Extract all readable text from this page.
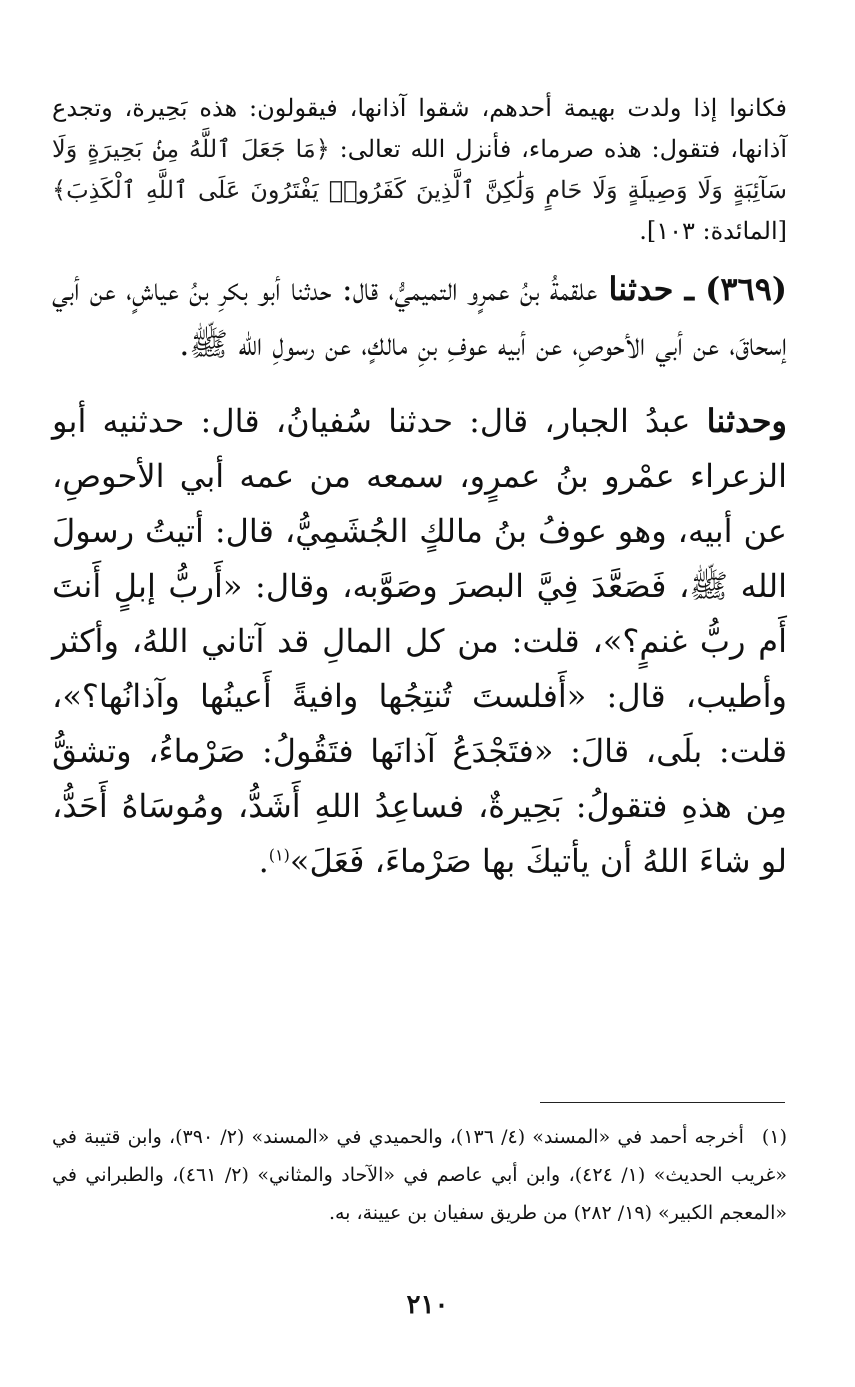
فكانوا إذا ولدت بهيمة أحدهم، شقوا آذانها، فيقولون: هذه بَحِيرة، وتجدع آذانها، فتقول: هذه صرماء، فأنزل الله تعالى: ﴿مَا جَعَلَ ٱللَّهُ مِنۢ بَحِيرَةٍ وَلَا سَآئِبَةٍ وَلَا وَصِيلَةٍ وَلَا حَامٍ وَلَٰكِنَّ ٱلَّذِينَ كَفَرُوا۟ يَفْتَرُونَ عَلَى ٱللَّهِ ٱلْكَذِبَ﴾[المائدة: ١٠٣].

(٣٦٩) ـ حدثنا علقمةُ بنُ عمرٍو التميميُّ، قال: حدثنا أبو بكرِ بنُ عياشٍ، عن أبي إسحاقَ، عن أبي الأحوصِ، عن أبيه عوفِ بنِ مالكٍ، عن رسولِ الله ﷺ.

وحدثنا عبدُ الجبار، قال: حدثنا سُفيانُ، قال: حدثنيه أبو الزعراء عمْرو بنُ عمرٍو، سمعه من عمه أبي الأحوصِ، عن أبيه، وهو عوفُ بنُ مالكٍ الجُشَمِيُّ، قال: أتيتُ رسولَ الله ﷺ، فَصَعَّدَ فِيَّ البصرَ وصَوَّبه، وقال: «أَربُّ إبلٍ أَنتَ أَم ربُّ غنمٍ؟»، قلت: من كل المالِ قد آتاني اللهُ، وأكثر وأطيب، قال: «أَفلستَ تُنتِجُها وافيةً أَعينُها وآذانُها؟»، قلت: بلَى، قالَ: «فتَجْدَعُ آذانَها فتَقُولُ: صَرْماءُ، وتشقُّ مِن هذهِ فتقولُ: بَحِيرةٌ، فساعِدُ اللهِ أَشَدُّ، ومُوسَاهُ أَحَدُّ، لو شاءَ اللهُ أن يأتيكَ بها صَرْماءَ، فَعَلَ»$^{(١)}$.

(١)أخرجه أحمد في «المسند» (٤/ ١٣٦)، والحميدي في «المسند» (٢/ ٣٩٠)، وابن قتيبة في «غريب الحديث» (١/ ٤٢٤)، وابن أبي عاصم في «الآحاد والمثاني» (٢/ ٤٦١)، والطبراني في «المعجم الكبير» (١٩/ ٢٨٢) من طريق سفيان بن عيينة، به.

٢١٠
